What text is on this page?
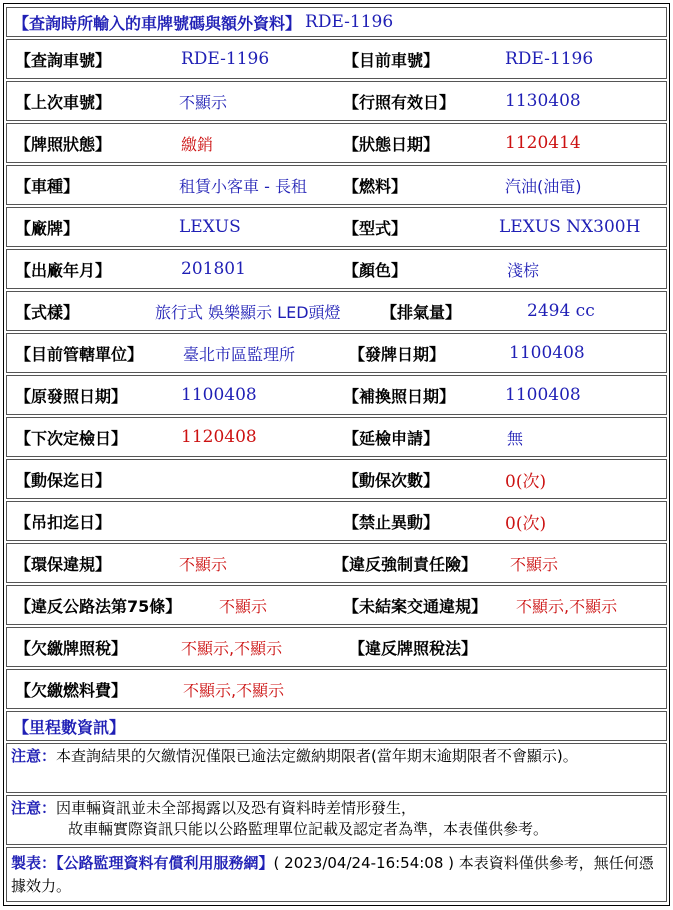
【查詢時所輸入的車牌號碼與額外資料】 RDE-1196
【查詢車號】	RDE-1196	【目前車號】	RDE-1196
【上次車號】	不顯示	【行照有效日】	1130408
【牌照狀態】	繳銷	【狀態日期】	1120414
【車種】	租賃小客車 - 長租 【燃料】	汽油(油電)
【廠牌】	LEXUS	【型式】	LEXUS NX300H
【出廠年月】	201801	【顏色】	淺棕
【式樣】	旅行式 娛樂顯示 LED頭燈	【排氣量】	2494 cc
【目前管轄單位】 臺北市區監理所	【發牌日期】	1100408
【原發照日期】	1100408	【補換照日期】	1100408
【下次定檢日】	1120408	【延檢申請】	無
【動保迄日】	【動保次數】	0(次)
【吊扣迄日】	【禁止異動】	0(次)
【環保違規】	不顯示	【違反強制責任險】 不顯示
【違反公路法第75條】 不顯示	【未結案交通違規】 不顯示,不顯示
【欠繳牌照稅】	不顯示,不顯示	【違反牌照稅法】
【欠繳燃料費】	不顯示,不顯示
【里程數資訊】
注意：本查詢結果的欠繳情況僅限已逾法定繳納期限者(當年期末逾期限者不會顯示)。
注意：因車輛資訊並未全部揭露以及恐有資料時差情形發生，
故車輛實際資訊只能以公路監理單位記載及認定者為準，本表僅供參考。
製表：【公路監理資料有償利用服務網】( 2023/04/24-16:54:08 ) 本表資料僅供參考，無任何憑據效力。
